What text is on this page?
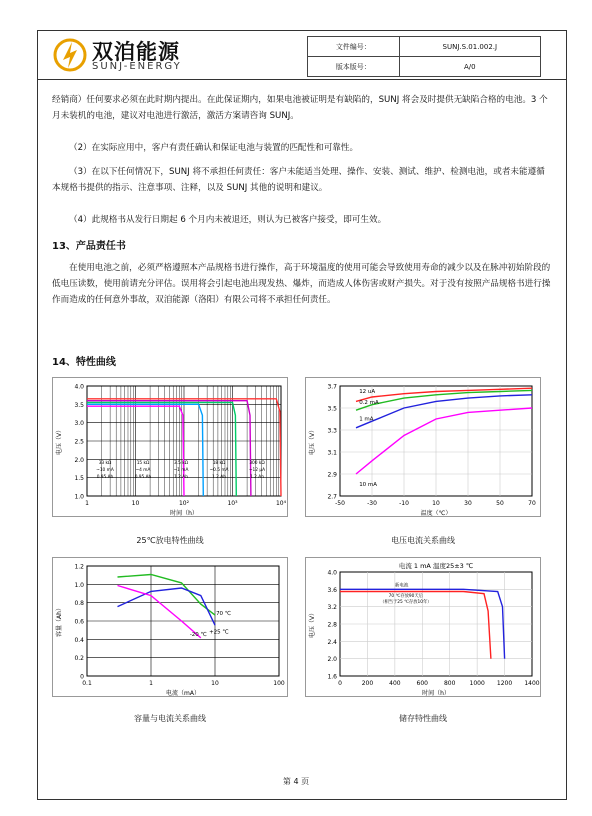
双洎能源
SUNJ-ENERGY
文件编号：	SUNJ.S.01.002.J
版本版号：	A/0
经销商）任何要求必须在此时期内提出。在此保证期内，如果电池被证明是有缺陷的，SUNJ 将会及时提供无缺陷合格的电池。3 个月未装机的电池，建议对电池进行激活，激活方案请咨询 SUNJ。
（2）在实际应用中，客户有责任确认和保证电池与装置的匹配性和可靠性。
（3）在以下任何情况下，SUNJ 将不承担任何责任：客户未能适当处理、操作、安装、测试、维护、检测电池，或者未能遵循本规格书提供的指示、注意事项、注释，以及 SUNJ 其他的说明和建议。
（4）此规格书从发行日期起 6 个月内未被退还，则认为已被客户接受，即可生效。
13、产品责任书
在使用电池之前，必须严格遵照本产品规格书进行操作，高于环境温度的使用可能会导致使用寿命的减少以及在脉冲初始阶段的低电压读数，使用前请充分评估。误用将会引起电池出现发热、爆炸，而造成人体伤害或财产损失。对于没有按照产品规格书进行操作而造成的任何意外事故，双洎能源（洛阳）有限公司将不承担任何责任。
14、特性曲线
4.0
3.5
3.0
2.5
2.0
1.5
1.0
1	10	10²	10³	10⁴
时间（h）
电压（V）
33 kΩ
~10 mA
0.95 Ah
15 kΩ
~4 mA
0.95 Ah
3.5 kΩ
~1 mA
1.2 Ah
18 kΩ
~0.5 mA
1.2 Ah
300 kΩ
~12 μA
1.2 Ah
25℃放电特性曲线
3.7
3.5
3.3
3.1
2.9
2.7
-50	-30	-10	10	30	50	70
温度（℃）
电压（V）
12 uA
0.2 mA
1 mA
10 mA
电压电流关系曲线
1.2
1.0
0.8
0.6
0.4
0.2
0
0.1	1	10	100
电流（mA）
容量（Ah）	70 ℃
+25 ℃
-20 ℃
容量与电流关系曲线
4.0
3.6
3.2
2.8
2.4
2.0
1.6
0	200	400	600	800 1000 1200 1400
时间（h）
电压（V）
电流 1 mA 温度25±3 ℃
新电池
70 ℃存放90天后
（相当于25 ℃存放10年）
储存特性曲线
第 4 页
